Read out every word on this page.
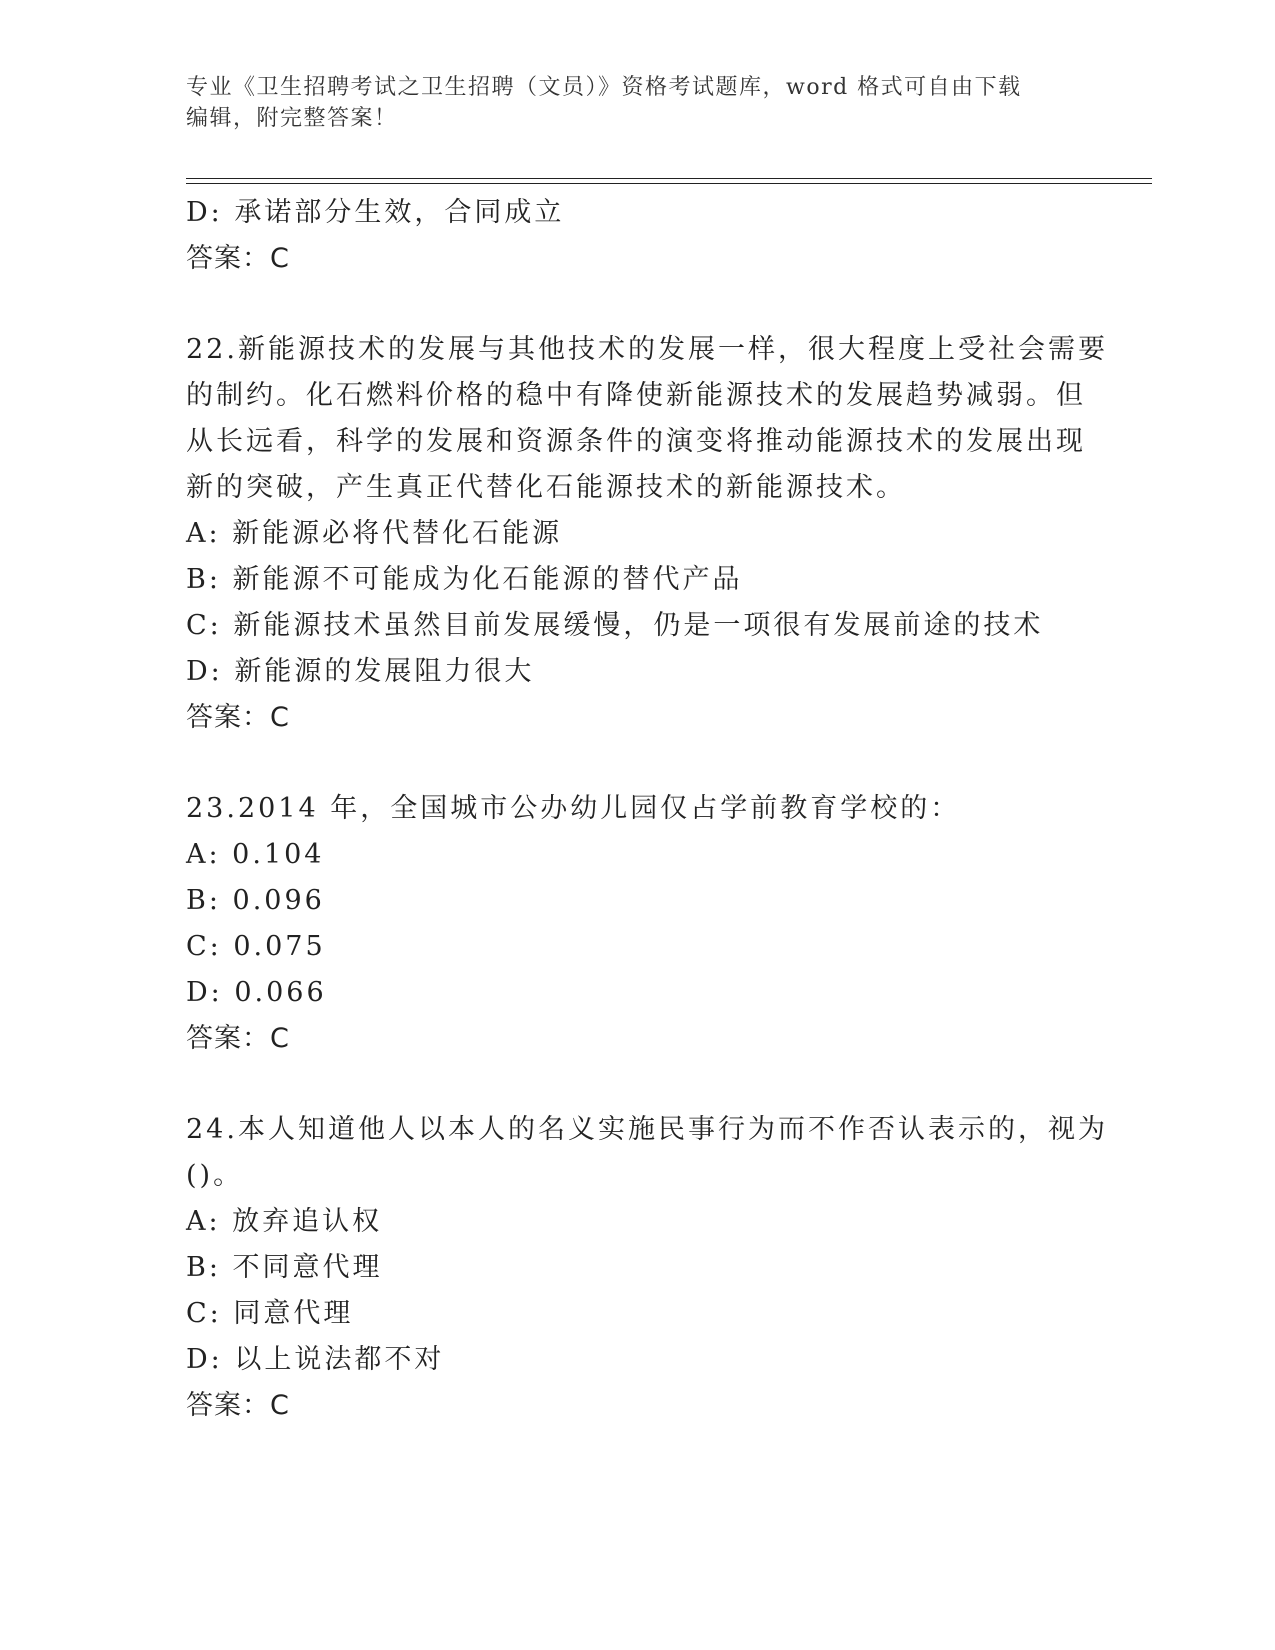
专业《卫生招聘考试之卫生招聘（文员）》资格考试题库，word 格式可自由下载
编辑，附完整答案！
D: 承诺部分生效，合同成立
答案：C
22.新能源技术的发展与其他技术的发展一样，很大程度上受社会需要
的制约。化石燃料价格的稳中有降使新能源技术的发展趋势减弱。但
从长远看，科学的发展和资源条件的演变将推动能源技术的发展出现
新的突破，产生真正代替化石能源技术的新能源技术。
A: 新能源必将代替化石能源
B: 新能源不可能成为化石能源的替代产品
C: 新能源技术虽然目前发展缓慢，仍是一项很有发展前途的技术
D: 新能源的发展阻力很大
答案：C
23.2014 年，全国城市公办幼儿园仅占学前教育学校的：
A: 0.104
B: 0.096
C: 0.075
D: 0.066
答案：C
24.本人知道他人以本人的名义实施民事行为而不作否认表示的，视为
()。
A: 放弃追认权
B: 不同意代理
C: 同意代理
D: 以上说法都不对
答案：C
